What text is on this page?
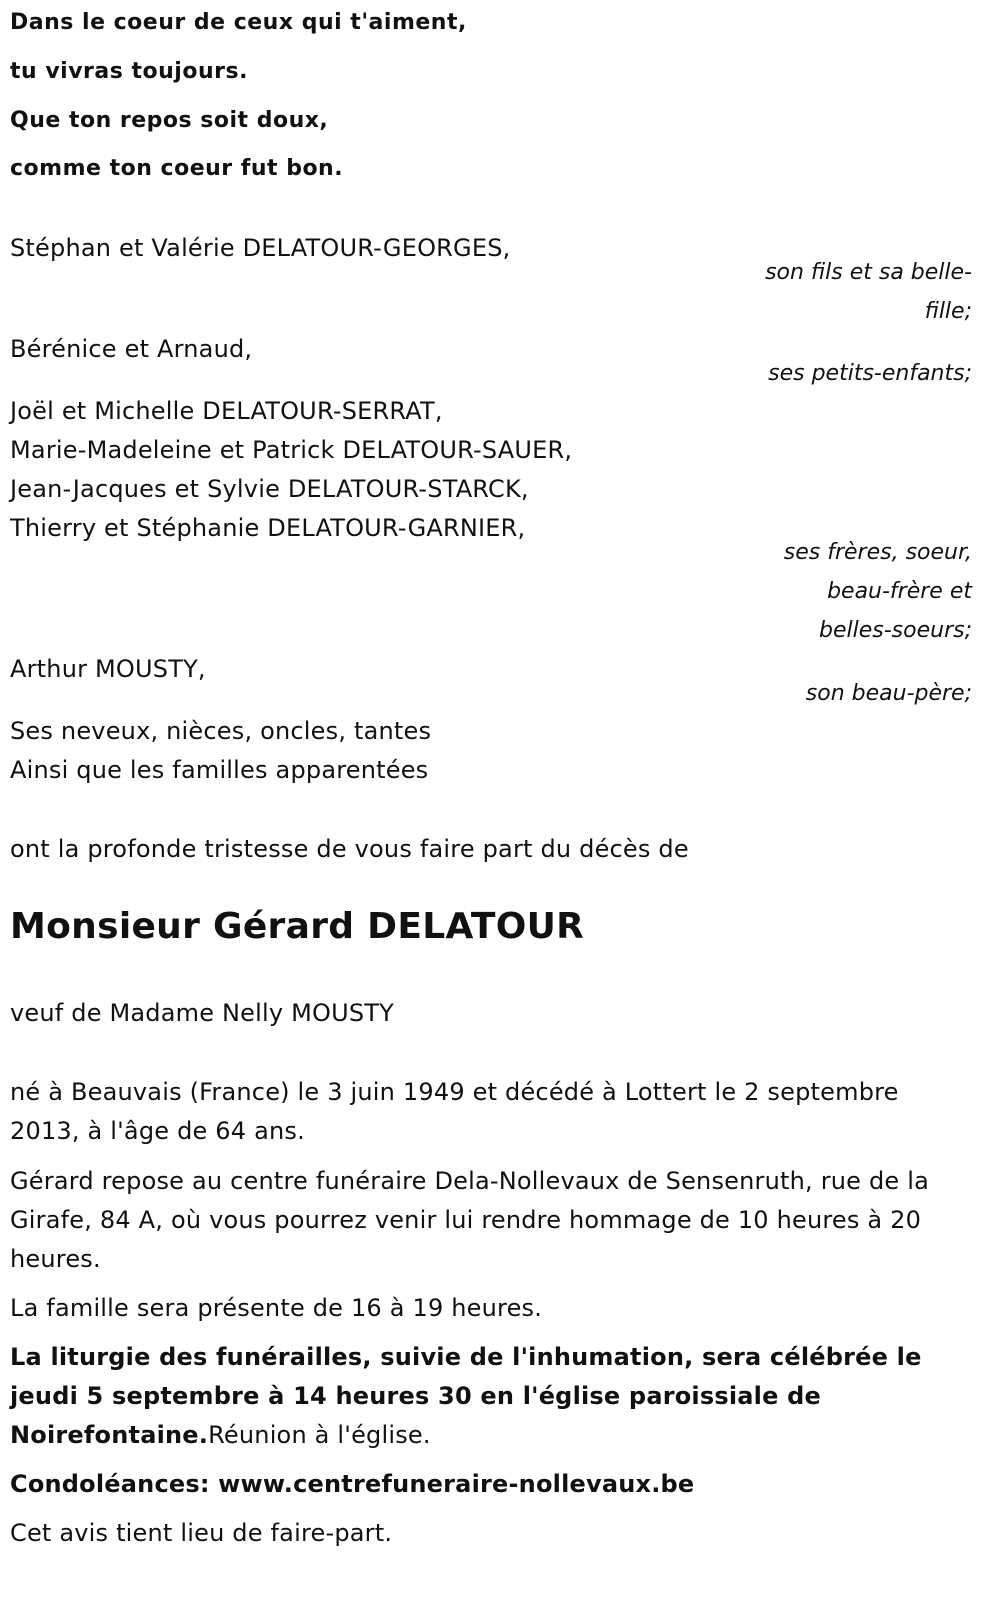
Dans le coeur de ceux qui t'aiment,
tu vivras toujours.
Que ton repos soit doux,
comme ton coeur fut bon.
Stéphan et Valérie DELATOUR-GEORGES,
son fils et sa belle-
fille;
Bérénice et Arnaud,
ses petits-enfants;
Joël et Michelle DELATOUR-SERRAT,
Marie-Madeleine et Patrick DELATOUR-SAUER,
Jean-Jacques et Sylvie DELATOUR-STARCK,
Thierry et Stéphanie DELATOUR-GARNIER,
ses frères, soeur,
beau-frère et
belles-soeurs;
Arthur MOUSTY,
son beau-père;
Ses neveux, nièces, oncles, tantes
Ainsi que les familles apparentées
ont la profonde tristesse de vous faire part du décès de
Monsieur Gérard DELATOUR
veuf de Madame Nelly MOUSTY
né à Beauvais (France) le 3 juin 1949 et décédé à Lottert le 2 septembre 2013, à l'âge de 64 ans.
Gérard repose au centre funéraire Dela-Nollevaux de Sensenruth, rue de la Girafe, 84 A, où vous pourrez venir lui rendre hommage de 10 heures à 20 heures.
La famille sera présente de 16 à 19 heures.
La liturgie des funérailles, suivie de l'inhumation, sera célébrée le jeudi 5 septembre à 14 heures 30 en l'église paroissiale de Noirefontaine.Réunion à l'église.
Condoléances: www.centrefuneraire-nollevaux.be
Cet avis tient lieu de faire-part.
